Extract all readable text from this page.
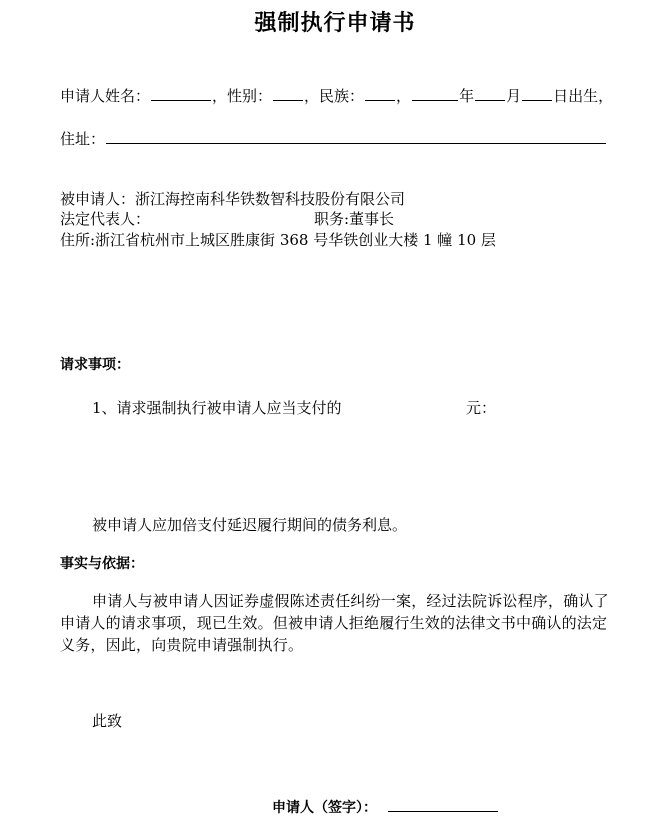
强制执行申请书
申请人姓名：	，性别： ，民族： ，	年 月 日出生，
住址：
被申请人：浙江海控南科华铁数智科技股份有限公司
法定代表人：	职务:董事长
住所:浙江省杭州市上城区胜康街 368 号华铁创业大楼 1 幢 10 层
请求事项：
1、请求强制执行被申请人应当支付的	元：
被申请人应加倍支付延迟履行期间的债务利息。
事实与依据：
申请人与被申请人因证券虚假陈述责任纠纷一案，经过法院诉讼程序，确认了申请人的请求事项，现已生效。但被申请人拒绝履行生效的法律文书中确认的法定义务，因此，向贵院申请强制执行。
此致
申请人（签字）：
